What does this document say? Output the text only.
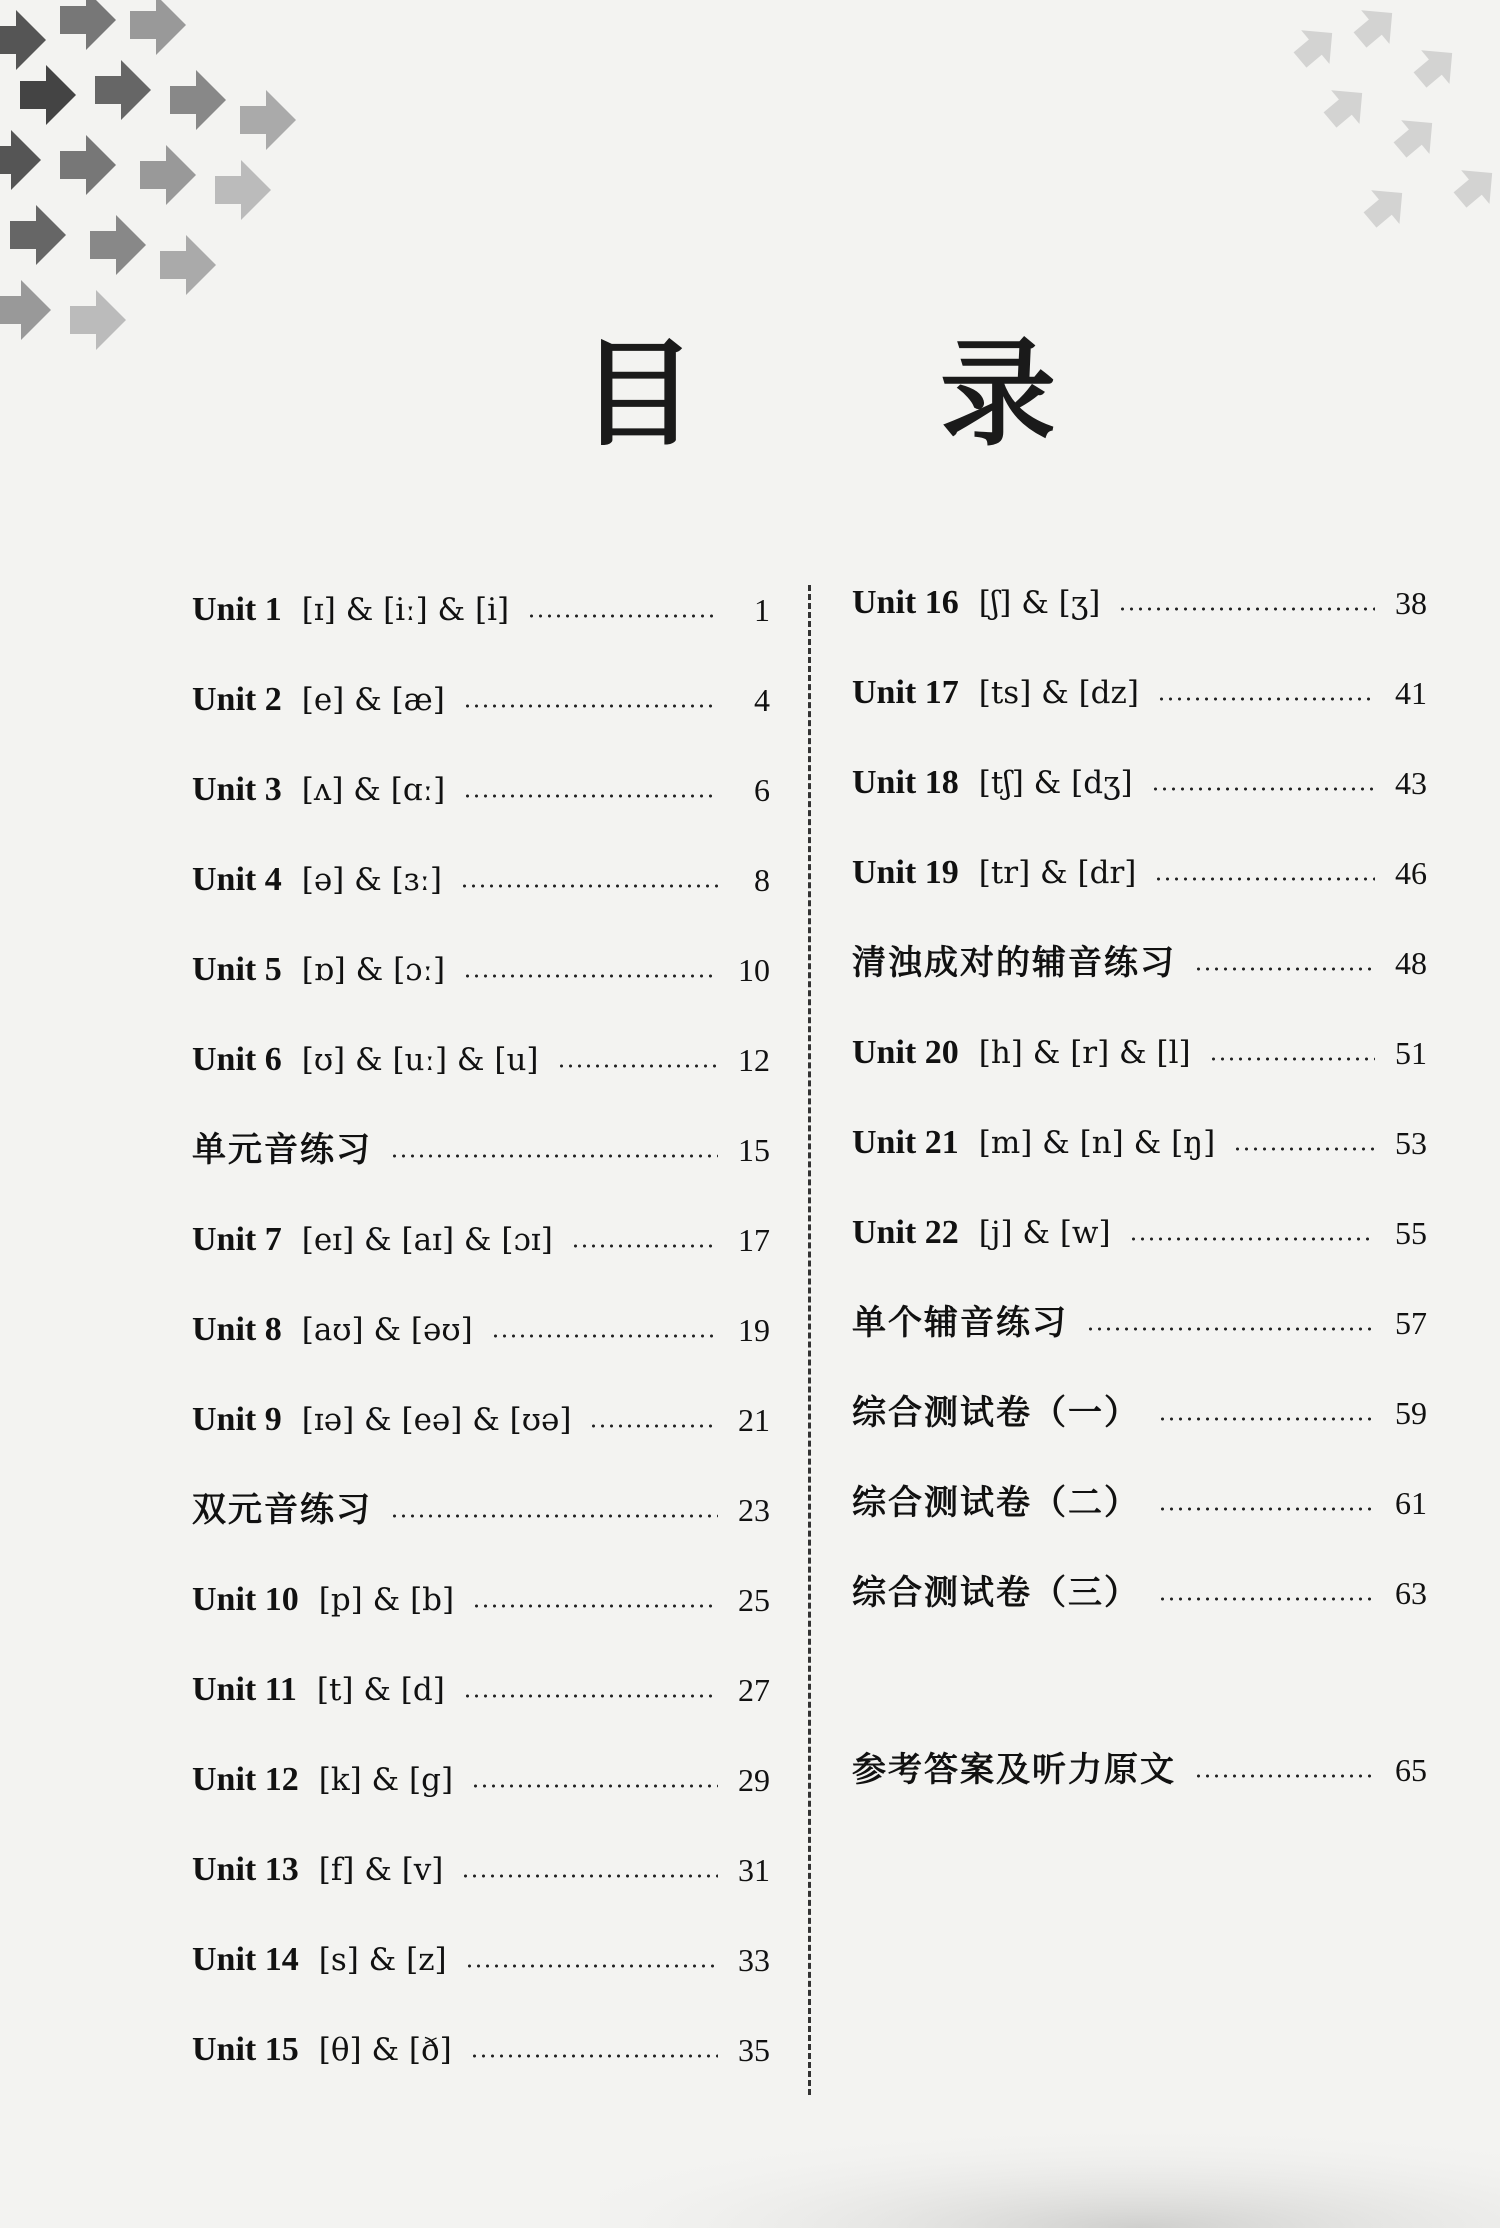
目 录
Unit 1 [ɪ] & [iː] & [i]	1
Unit 2 [e] & [æ]	4
Unit 3 [ʌ] & [ɑː]	6
Unit 4 [ə] & [ɜː]	8
Unit 5 [ɒ] & [ɔː]	10
Unit 6 [ʊ] & [uː] & [u]	12
单元音练习	15
Unit 7 [eɪ] & [aɪ] & [ɔɪ]	17
Unit 8 [aʊ] & [əʊ]	19
Unit 9 [ɪə] & [eə] & [ʊə]	21
双元音练习	23
Unit 10 [p] & [b]	25
Unit 11 [t] & [d]	27
Unit 12 [k] & [g]	29
Unit 13 [f] & [v]	31
Unit 14 [s] & [z]	33
Unit 15 [θ] & [ð]	35
Unit 16 [ʃ] & [ʒ]	38
Unit 17 [ts] & [dz]	41
Unit 18 [tʃ] & [dʒ]	43
Unit 19 [tr] & [dr]	46
清浊成对的辅音练习	48
Unit 20 [h] & [r] & [l]	51
Unit 21 [m] & [n] & [ŋ]	53
Unit 22 [j] & [w]	55
单个辅音练习	57
综合测试卷（一）	59
综合测试卷（二）	61
综合测试卷（三）	63
参考答案及听力原文	65
